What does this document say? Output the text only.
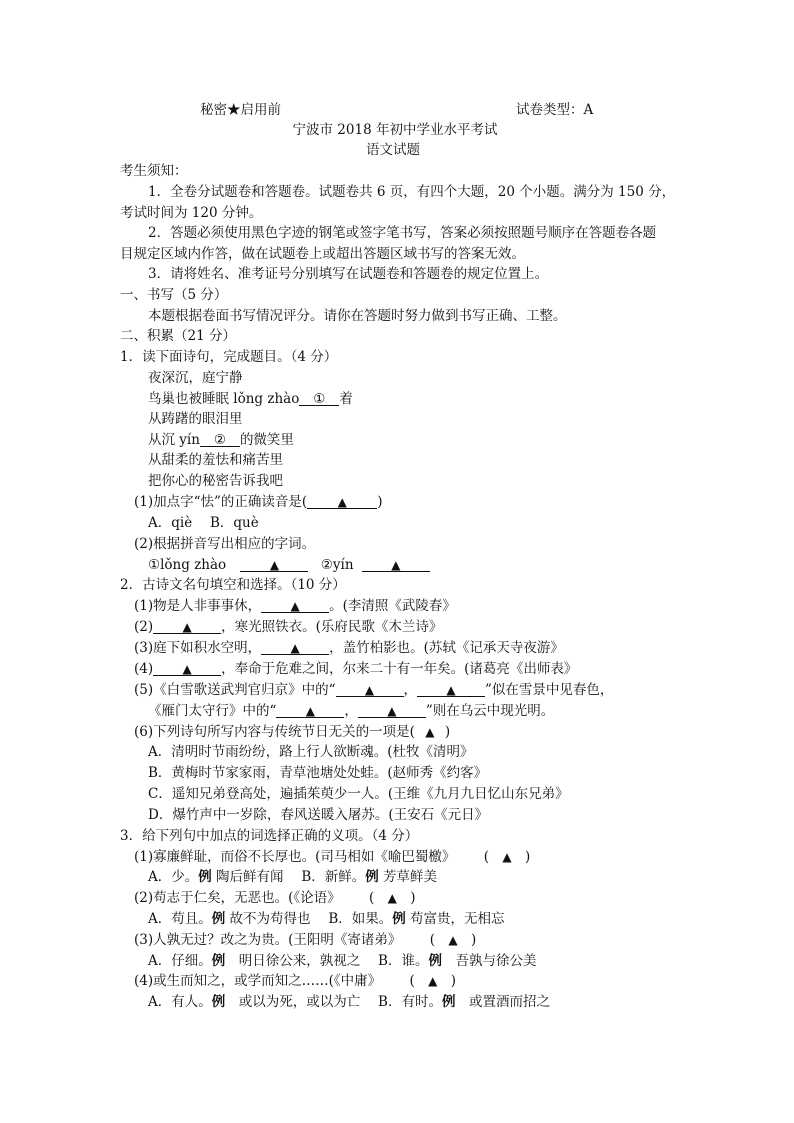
秘密★启用前	试卷类型：A
宁波市 2018 年初中学业水平考试
语文试题
考生须知：
1．全卷分试题卷和答题卷。试题卷共 6 页，有四个大题，20 个小题。满分为 150 分，
考试时间为 120 分钟。
2．答题必须使用黑色字迹的钢笔或签字笔书写，答案必须按照题号顺序在答题卷各题
目规定区域内作答，做在试题卷上或超出答题区域书写的答案无效。
3．请将姓名、准考证号分别填写在试题卷和答题卷的规定位置上。
一、书写（5 分）
本题根据卷面书写情况评分。请你在答题时努力做到书写正确、工整。
二、积累（21 分）
1．读下面诗句，完成题目。（4 分）
夜深沉，庭宁静
鸟巢也被睡眠 lǒng zhào ① 着
从踌躇的眼泪里
从沉 yín ② 的微笑里
从甜柔的羞怯和痛苦里
把你心的秘密告诉我吧
(1)加点字“怯”的正确读音是(	▲ )
A．qiè　 B．què
(2)根据拼音写出相应的字词。
①lǒng zhào	▲	②yín	▲
2．古诗文名句填空和选择。（10 分）
(1)物是人非事事休， ▲ 。(李清照《武陵春》
(2) ▲ ，寒光照铁衣。(乐府民歌《木兰诗》
(3)庭下如积水空明， ▲ ，盖竹柏影也。(苏轼《记承天寺夜游》
(4) ▲ ，奉命于危难之间，尔来二十有一年矣。(诸葛亮《出师表》
(5)《白雪歌送武判官归京》中的“ ▲ ， ▲ ”似在雪景中见春色，
《雁门太守行》中的“ ▲ ， ▲ ”则在乌云中现光明。
(6)下列诗句所写内容与传统节日无关的一项是( ▲ )
A．清明时节雨纷纷，路上行人欲断魂。(杜牧《清明》
B．黄梅时节家家雨，青草池塘处处蛙。(赵师秀《约客》
C．遥知兄弟登高处，遍插茱萸少一人。(王维《九月九日忆山东兄弟》
D．爆竹声中一岁除，春风送暖入屠苏。(王安石《元日》
3．给下列句中加点的词选择正确的义项。（4 分）
(1)寡廉鲜耻，而俗不长厚也。(司马相如《喻巴蜀檄》 ( ▲ )
A．少。例 陶后鲜有闻　 B．新鲜。例 芳草鲜美
(2)苟志于仁矣，无恶也。(《论语》 ( ▲ )
A．苟且。例 故不为苟得也　 B．如果。例 苟富贵，无相忘
(3)人孰无过？改之为贵。(王阳明《寄诸弟》 ( ▲ )
A．仔细。例　明日徐公来，孰视之　 B．谁。例　吾孰与徐公美
(4)或生而知之，或学而知之……(《中庸》 ( ▲ )
A．有人。例　或以为死，或以为亡　 B．有时。例　或置酒而招之
